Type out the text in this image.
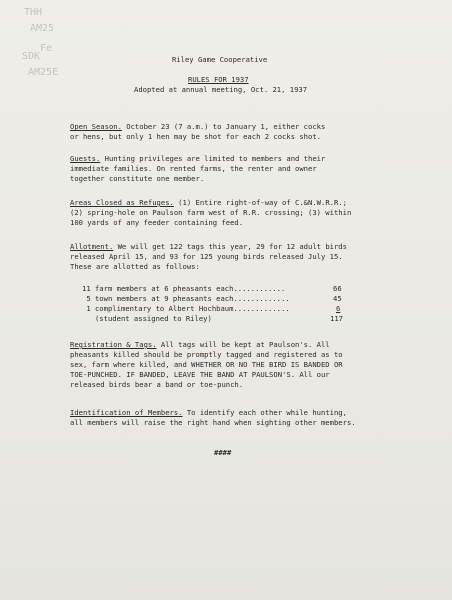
THH
AM25
Fe
SDK
AM25E
Riley Game Cooperative
RULES FOR 1937
Adopted at annual meeting, Oct. 21, 1937
Open Season. October 23 (7 a.m.) to January 1, either cocks
or hens, but only 1 hen may be shot for each 2 cocks shot.
Guests. Hunting privileges are limited to members and their
immediate families. On rented farms, the renter and owner
together constitute one member.
Areas Closed as Refuges. (1) Entire right-of-way of C.&N.W.R.R.;
(2) spring-hole on Paulson farm west of R.R. crossing; (3) within
100 yards of any feeder containing feed.
Allotment. We will get 122 tags this year, 29 for 12 adult birds
released April 15, and 93 for 125 young birds released July 15.
These are allotted as follows:
11 farm members at 6 pheasants each............	66
5 town members at 9 pheasants each.............	45
1 complimentary to Albert Hochbaum.............	6
(student assigned to Riley)	117
Registration & Tags. All tags will be kept at Paulson's. All
pheasants killed should be promptly tagged and registered as to
sex, farm where killed, and WHETHER OR NO THE BIRD IS BANDED OR
TOE-PUNCHED. IF BANDED, LEAVE THE BAND AT PAULSON'S. All our
released birds bear a band or toe-punch.
Identification of Members. To identify each other while hunting,
all members will raise the right hand when sighting other members.
####
